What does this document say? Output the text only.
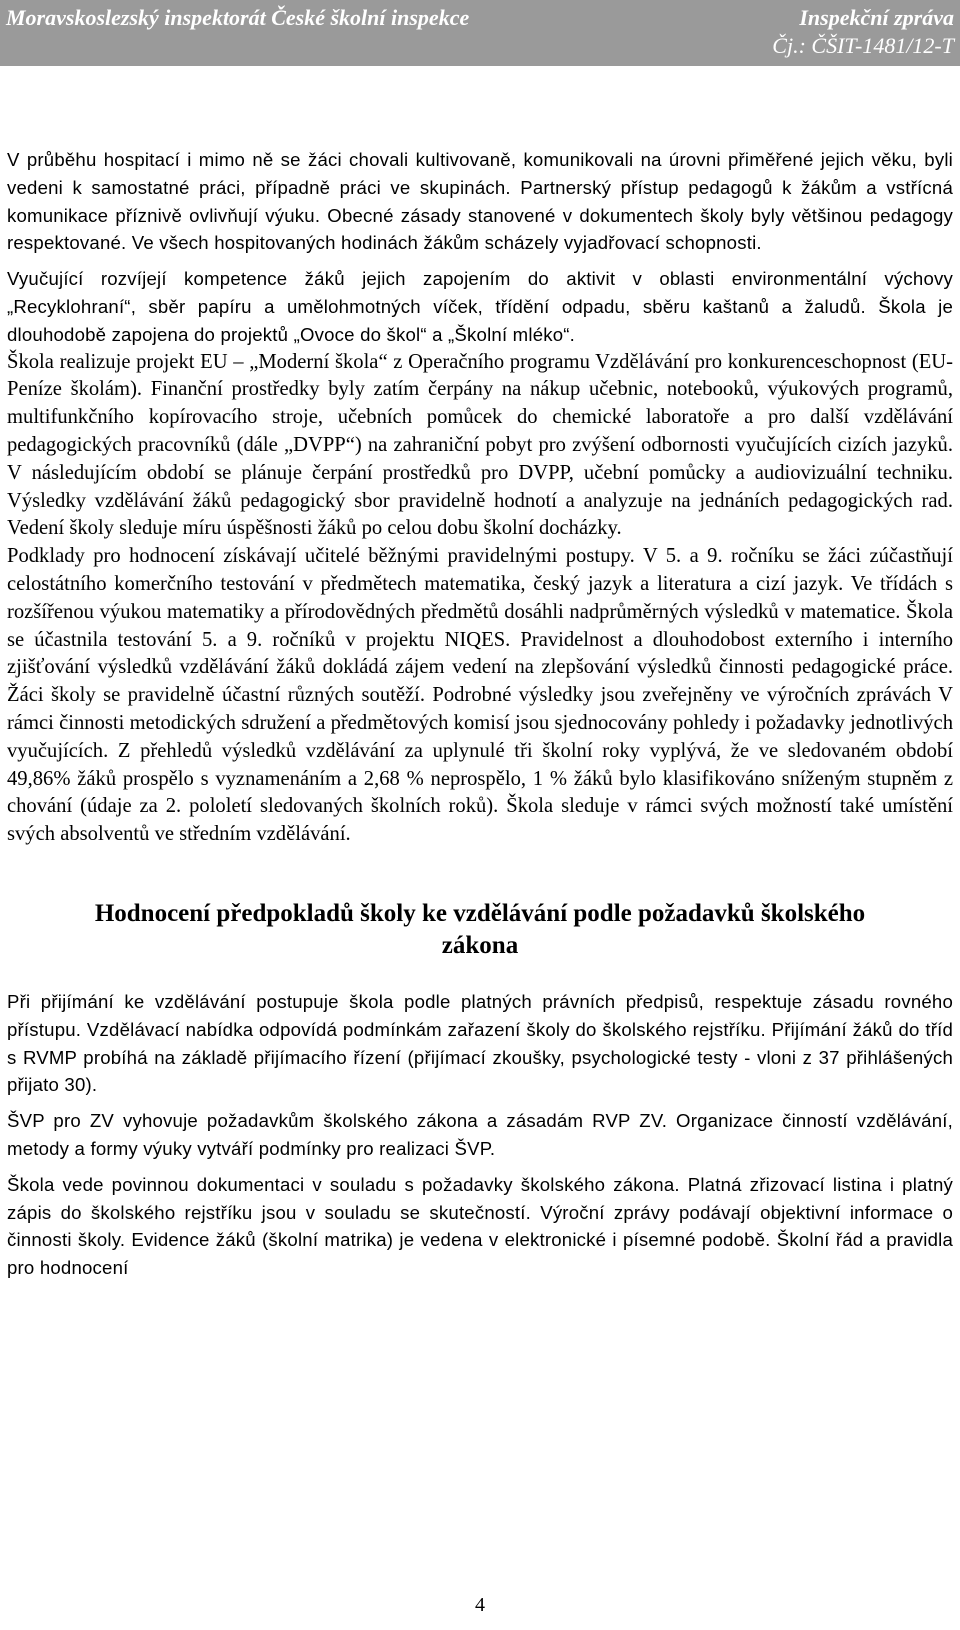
Moravskoslezský inspektorát České školní inspekce	Inspekční zpráva
Čj.: ČŠIT-1481/12-T

V průběhu hospitací i mimo ně se žáci chovali kultivovaně, komunikovali na úrovni přiměřené jejich věku, byli vedeni k samostatné práci, případně práci ve skupinách. Partnerský přístup pedagogů k žákům a vstřícná komunikace příznivě ovlivňují výuku. Obecné zásady stanovené v dokumentech školy byly většinou pedagogy respektované. Ve všech hospitovaných hodinách žákům scházely vyjadřovací schopnosti.

Vyučující rozvíjejí kompetence žáků jejich zapojením do aktivit v oblasti environmentální výchovy „Recyklohraní“, sběr papíru a umělohmotných víček, třídění odpadu, sběru kaštanů a žaludů. Škola je dlouhodobě zapojena do projektů „Ovoce do škol“ a „Školní mléko“.

Škola realizuje projekt EU – „Moderní škola“ z Operačního programu Vzdělávání pro konkurenceschopnost (EU-Peníze školám). Finanční prostředky byly zatím čerpány na nákup učebnic, notebooků, výukových programů, multifunkčního kopírovacího stroje, učebních pomůcek do chemické laboratoře a pro další vzdělávání pedagogických pracovníků (dále „DVPP“) na zahraniční pobyt pro zvýšení odbornosti vyučujících cizích jazyků. V následujícím období se plánuje čerpání prostředků pro DVPP, učební pomůcky a audiovizuální techniku. Výsledky vzdělávání žáků pedagogický sbor pravidelně hodnotí a analyzuje na jednáních pedagogických rad. Vedení školy sleduje míru úspěšnosti žáků po celou dobu školní docházky.

Podklady pro hodnocení získávají učitelé běžnými pravidelnými postupy. V 5. a 9. ročníku se žáci zúčastňují celostátního komerčního testování v předmětech matematika, český jazyk a literatura a cizí jazyk. Ve třídách s rozšířenou výukou matematiky a přírodovědných předmětů dosáhli nadprůměrných výsledků v matematice. Škola se účastnila testování 5. a 9. ročníků v projektu NIQES. Pravidelnost a dlouhodobost externího i interního zjišťování výsledků vzdělávání žáků dokládá zájem vedení na zlepšování výsledků činnosti pedagogické práce. Žáci školy se pravidelně účastní různých soutěží. Podrobné výsledky jsou zveřejněny ve výročních zprávách V rámci činnosti metodických sdružení a předmětových komisí jsou sjednocovány pohledy i požadavky jednotlivých vyučujících. Z přehledů výsledků vzdělávání za uplynulé tři školní roky vyplývá, že ve sledovaném období 49,86% žáků prospělo s vyznamenáním a 2,68 % neprospělo, 1 % žáků bylo klasifikováno sníženým stupněm z chování (údaje za 2. pololetí sledovaných školních roků). Škola sleduje v rámci svých možností také umístění svých absolventů ve středním vzdělávání.

Hodnocení předpokladů školy ke vzdělávání podle požadavků školského
zákona

Při přijímání ke vzdělávání postupuje škola podle platných právních předpisů, respektuje zásadu rovného přístupu. Vzdělávací nabídka odpovídá podmínkám zařazení školy do školského rejstříku. Přijímání žáků do tříd s RVMP probíhá na základě přijímacího řízení (přijímací zkoušky, psychologické testy - vloni z 37 přihlášených přijato 30).

ŠVP pro ZV vyhovuje požadavkům školského zákona a zásadám RVP ZV. Organizace činností vzdělávání, metody a formy výuky vytváří podmínky pro realizaci ŠVP.

Škola vede povinnou dokumentaci v souladu s požadavky školského zákona. Platná zřizovací listina i platný zápis do školského rejstříku jsou v souladu se skutečností. Výroční zprávy podávají objektivní informace o činnosti školy. Evidence žáků (školní matrika) je vedena v elektronické i písemné podobě. Školní řád a pravidla pro hodnocení

4
